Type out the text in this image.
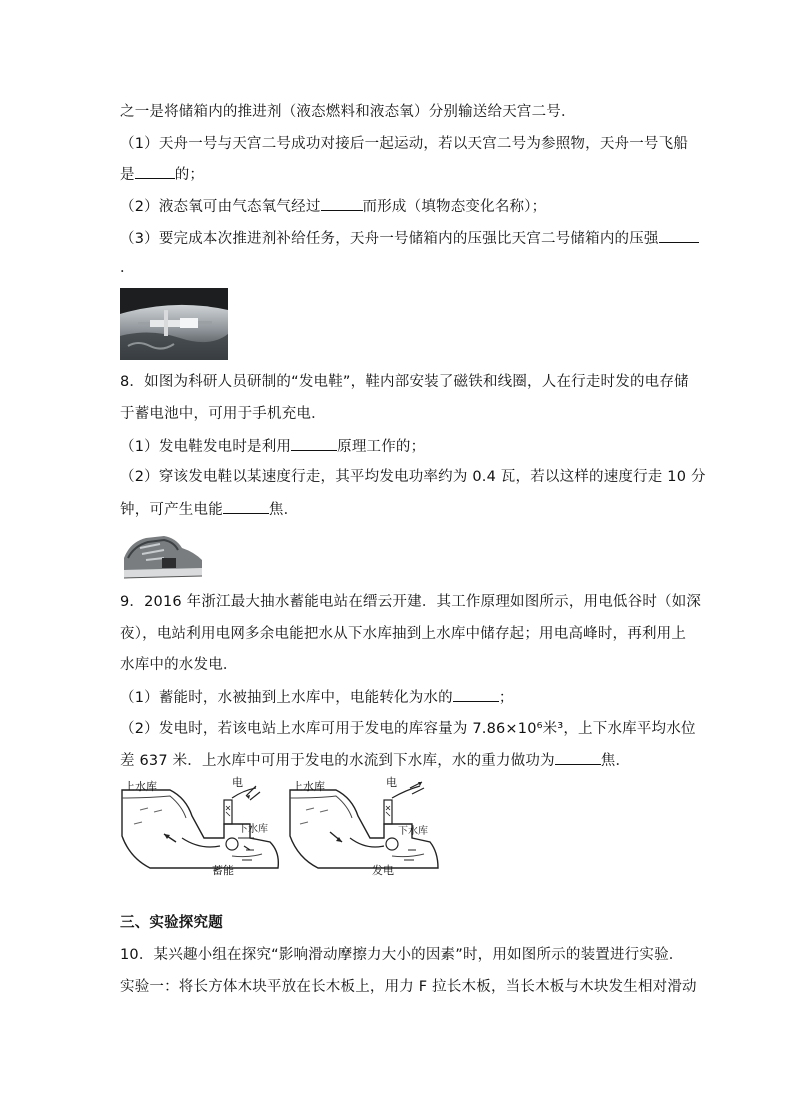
之一是将储箱内的推进剂（液态燃料和液态氧）分别输送给天宫二号．
（1）天舟一号与天宫二号成功对接后一起运动，若以天宫二号为参照物，天舟一号飞船
是	的；
（2）液态氧可由气态氧气经过	而形成（填物态变化名称）；
（3）要完成本次推进剂补给任务，天舟一号储箱内的压强比天宫二号储箱内的压强
．
8．如图为科研人员研制的“发电鞋”，鞋内部安装了磁铁和线圈，人在行走时发的电存储
于蓄电池中，可用于手机充电．
（1）发电鞋发电时是利用	原理工作的；
（2）穿该发电鞋以某速度行走，其平均发电功率约为 0.4 瓦，若以这样的速度行走 10 分
钟，可产生电能	焦．
9．2016 年浙江最大抽水蓄能电站在缙云开建．其工作原理如图所示，用电低谷时（如深
夜），电站利用电网多余电能把水从下水库抽到上水库中储存起；用电高峰时，再利用上
水库中的水发电．
（1）蓄能时，水被抽到上水库中，电能转化为水的	；
（2）发电时，若该电站上水库可用于发电的库容量为 7.86×10⁶米³，上下水库平均水位
差 637 米．上水库中可用于发电的水流到下水库，水的重力做功为	焦．
上水库	电
下水库
蓄能
上水库	电
下水库
发电
三、实验探究题
10．某兴趣小组在探究“影响滑动摩擦力大小的因素”时，用如图所示的装置进行实验．
实验一：将长方体木块平放在长木板上，用力 F 拉长木板，当长木板与木块发生相对滑动
